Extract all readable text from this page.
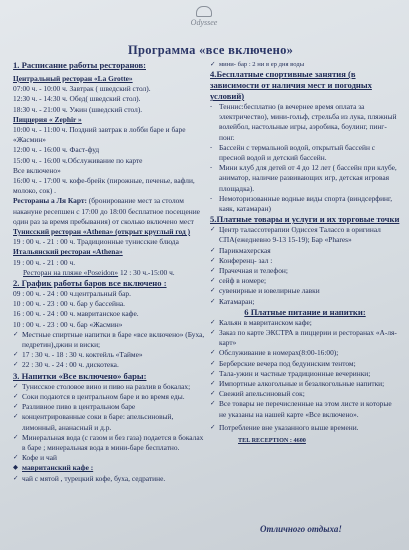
Odyssee
Программа «все включено»
1. Расписание работы ресторанов:
Центральный ресторан «La Grotte»
07:00 ч. - 10:00 ч. Завтрак ( шведский стол).
12:30 ч. - 14:30 ч. Обед( шведский стол).
18:30 ч. - 21:00 ч. Ужин (шведский стол).
Пиццерия « Zephir »
10:00 ч. - 11:00 ч. Поздний завтрак в лобби баре и баре «Жасмин»
12:00 ч. - 16:00 ч. Фаст-фуд
15:00 ч. - 16:00 ч.Обслуживание по карте
Все включено»
16:00 ч. - 17:00 ч. кофе-брейк (пирожные, печенье, вафли, молоко, сок) .
Рестораны а Ля Карт: (бронирование мест за столом накануне ресепшен с 17:00 до 18:00 бесплатное посещение один раз за время пребывания) от сколько включено мест
Тунисский ресторан «Athena» (открыт круглый год )
19 : 00 ч. - 21 : 00 ч. Традиционные тунисские блюда
Итальянский ресторан «Athena»
19 : 00 ч. - 21 : 00 ч.
Ресторан на пляже «Poseidon» 12 : 30 ч.-15:00 ч.
2. График работы баров все включено :
09 : 00 ч. - 24 : 00 ч.центральный бар.
10 : 00 ч. - 23 : 00 ч. бар у бассейна.
16 : 00 ч. - 24 : 00 ч. мавританское кафе.
10 : 00 ч. - 23 : 00 ч. бар «Жасмин»
✓ Местные спиртные напитки в баре «все включено» (Буха, педретин),джин и виски;
✓ 17 : 30 ч. - 18 : 30 ч. коктейль «Тайме»
✓ 22 : 30 ч. - 24 : 00 ч. дискотека.
3. Напитки «Все включено» бары:
✓ Тунисское столовое вино и пиво на разлив в бокалах;
✓ Соки подаются в центральном баре и во время еды.
✓ Разливное пиво в центральном баре
✓ концентрированные соки в баре: апельсиновый, лимонный, ананасный и д.р.
✓ Минеральная вода (с газом и без газа) подается в бокалах в баре ; минеральная вода в мини-баре бесплатно.
✓ Кофе и чай
◆ мавританский кафе :
✓ чай с мятой , турецкий кофе, буха, седратине.
✓ мини- бар : 2 ни в ер дня воды
4.Бесплатные спортивные занятия (в зависимости от наличия мест и погодных условий)
- Теннис:бесплатно (в вечернее время оплата за электричество), мини-гольф, стрельба из лука, пляжный волейбол, настольные игры, аэробика, боулинг, пинг-понг.
- Бассейн с термальной водой, открытый бассейн с пресной водой и детский бассейн.
- Мини клуб для детей от 4 до 12 лет ( бассейн при клубе, аниматор, наличие развивающих игр, детская игровая площадка).
- Немоторизованные водные виды спорта (виндсерфинг, каяк, катамаран)
5.Платные товары и услуги и их торговые точки
✓ Центр талассотерапии Одиссея Талассо в оригинал СПА(ежедневно 9-13 15-19); Бар «Phares»
✓ Парикмахерская
✓ Конференц- зал :
✓ Прачечная и телефон;
✓ сейф в номере;
✓ сувенирные и ювелирные лавки
✓ Катамаран;
6 Платные питание и напитки:
✓ Кальян в мавританском кафе;
✓ Заказ по карте ЭКСТРА в пиццерии и ресторанах «А-ля-карт»
✓ Обслуживание в номерах(8:00-16:00);
✓ Берберские вечера под бедуинским тентом;
✓ Тала-ужин и частные традиционные вечеринки;
✓ Импортные алкогольные и безалкогольные напитки;
✓ Свежий апельсиновый сок;
✓ Все товары не перечисленные на этом листе и которые не указаны на нашей карте «Все включено».
✓ Потребление вне указанного выше времени.
TEL RECEPTION : 4600
Отличного отдыха!
